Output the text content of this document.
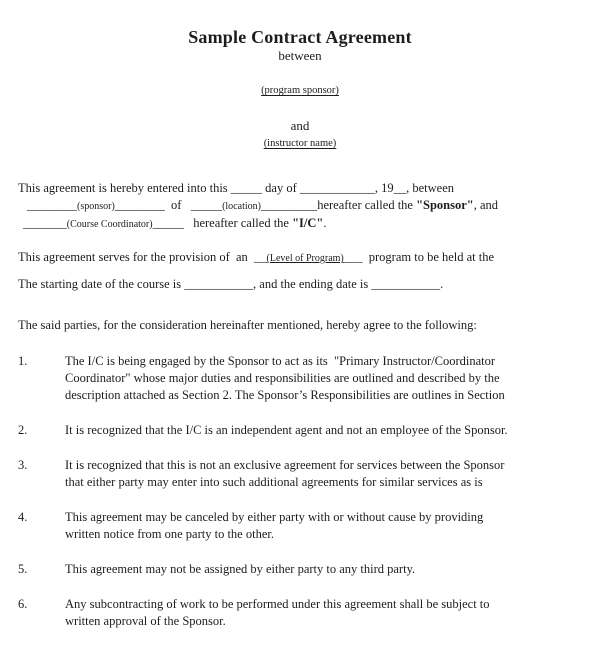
Sample Contract Agreement
between
(program sponsor)
and
(instructor name)
This agreement is hereby entered into this _____ day of ____________, 19__, between
________(sponsor)________  of   _____(location)_________hereafter called the "Sponsor", and
_______(Course Coordinator)_____   hereafter called the "I/C".
This agreement serves for the provision of  an  __(Level of Program)___  program to be held at the
The starting date of the course is ___________, and the ending date is ___________.
The said parties, for the consideration hereinafter mentioned, hereby agree to the following:
1.	The I/C is being engaged by the Sponsor to act as its  "Primary Instructor/Coordinator
Coordinator" whose major duties and responsibilities are outlined and described by the
description attached as Section 2. The Sponsor’s Responsibilities are outlines in Section
2.	It is recognized that the I/C is an independent agent and not an employee of the Sponsor.
3.	It is recognized that this is not an exclusive agreement for services between the Sponsor
that either party may enter into such additional agreements for similar services as is
4.	This agreement may be canceled by either party with or without cause by providing
written notice from one party to the other.
5.	This agreement may not be assigned by either party to any third party.
6.	Any subcontracting of work to be performed under this agreement shall be subject to
written approval of the Sponsor.
